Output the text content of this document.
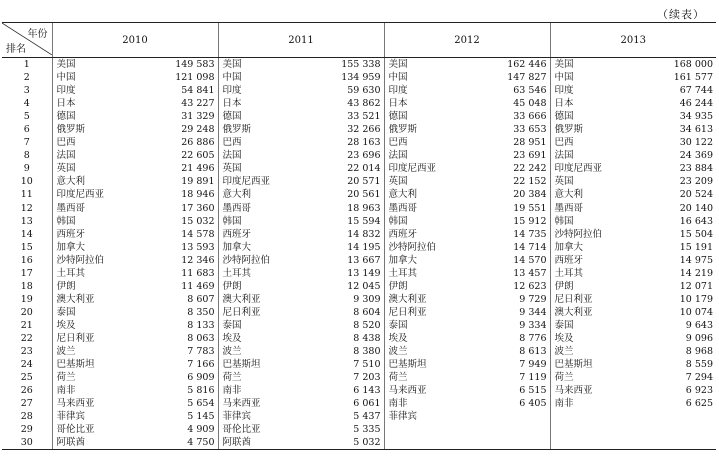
（续表）
年份
排名	2010	2011	2012	2013
1	美国 149 583	美国 155 338	美国 162 446	美国 168 000

2	中国 121 098	中国 134 959	中国 147 827	中国 161 577

3	印度 54 841	印度 59 630	印度 63 546	印度 67 744

4	日本 43 227	日本 43 862	日本 45 048	日本 46 244

5	德国 31 329	德国 33 521	德国 33 666	德国 34 935

6	俄罗斯 29 248	俄罗斯 32 266	俄罗斯 33 653	俄罗斯 34 613

7	巴西 26 886	巴西 28 163	巴西 28 951	巴西 30 122

8	法国 22 605	法国 23 696	法国 23 691	法国 24 369

9	英国 21 496	英国 22 014	印度尼西亚 22 242	印度尼西亚 23 884

10	意大利 19 891	印度尼西亚 20 571	英国 22 152	英国 23 209

11	印度尼西亚 18 946	意大利 20 561	意大利 20 384	意大利 20 524

12	墨西哥 17 360	墨西哥 18 963	墨西哥 19 551	墨西哥 20 140

13	韩国 15 032	韩国 15 594	韩国 15 912	韩国 16 643

14	西班牙 14 578	西班牙 14 832	西班牙 14 735	沙特阿拉伯 15 504

15	加拿大 13 593	加拿大 14 195	沙特阿拉伯 14 714	加拿大 15 191

16	沙特阿拉伯 12 346	沙特阿拉伯 13 667	加拿大 14 570	西班牙 14 975

17	土耳其 11 683	土耳其 13 149	土耳其 13 457	土耳其 14 219

18	伊朗 11 469	伊朗 12 045	伊朗 12 623	伊朗 12 071

19	澳大利亚 8 607	澳大利亚 9 309	澳大利亚 9 729	尼日利亚 10 179

20	泰国 8 350	尼日利亚 8 604	尼日利亚 9 344	澳大利亚 10 074

21	埃及 8 133	泰国 8 520	泰国 9 334	泰国 9 643

22	尼日利亚 8 063	埃及 8 438	埃及 8 776	埃及 9 096

23	波兰 7 783	波兰 8 380	波兰 8 613	波兰 8 968

24	巴基斯坦 7 166	巴基斯坦 7 510	巴基斯坦 7 949	巴基斯坦 8 559

25	荷兰 6 909	荷兰 7 203	荷兰 7 119	荷兰 7 294

26	南非 5 816	南非 6 143	马来西亚 6 515	马来西亚 6 923

27	马来西亚 5 654	马来西亚 6 061	南非 6 405	南非 6 625

28	菲律宾 5 145	菲律宾 5 437	菲律宾	

29	哥伦比亚 4 909	哥伦比亚 5 335		

30	阿联酋 4 750	阿联酋 5 032		
